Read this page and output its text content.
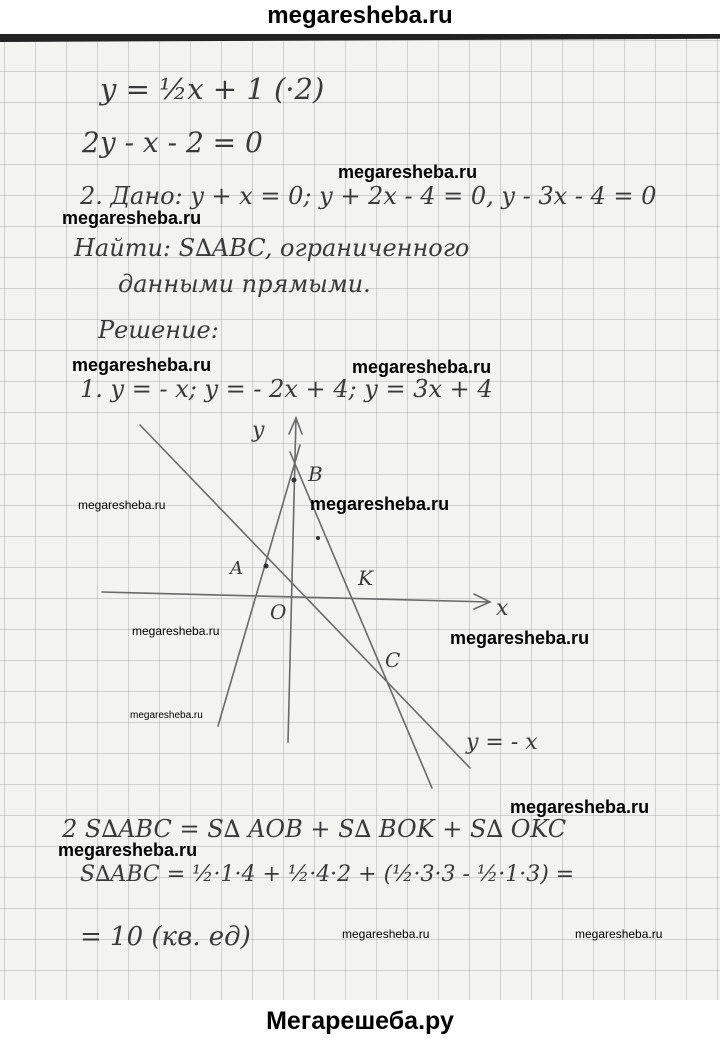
megaresheba.ru
y = ½x + 1 (·2)
2y - x - 2 = 0
2. Дано: y + x = 0; y + 2x - 4 = 0, y - 3x - 4 = 0
Найти: S∆ABC, ограниченного
данными прямыми.
Решение:
1. y = - x; y = - 2x + 4; y = 3x + 4
2 S∆ABC = S∆ AOB + S∆ BOK + S∆ OKC
S∆ABC = ½·1·4 + ½·4·2 + (½·3·3 - ½·1·3) =
= 10 (кв. ед)
y
x
O
A
B
K
C
y = - x
megaresheba.ru
megaresheba.ru
megaresheba.ru	megaresheba.ru
megaresheba.ru	megaresheba.ru
megaresheba.ru	megaresheba.ru
megaresheba.ru
megaresheba.ru
megaresheba.ru
megaresheba.ru	megaresheba.ru
Мегарешеба.ру
